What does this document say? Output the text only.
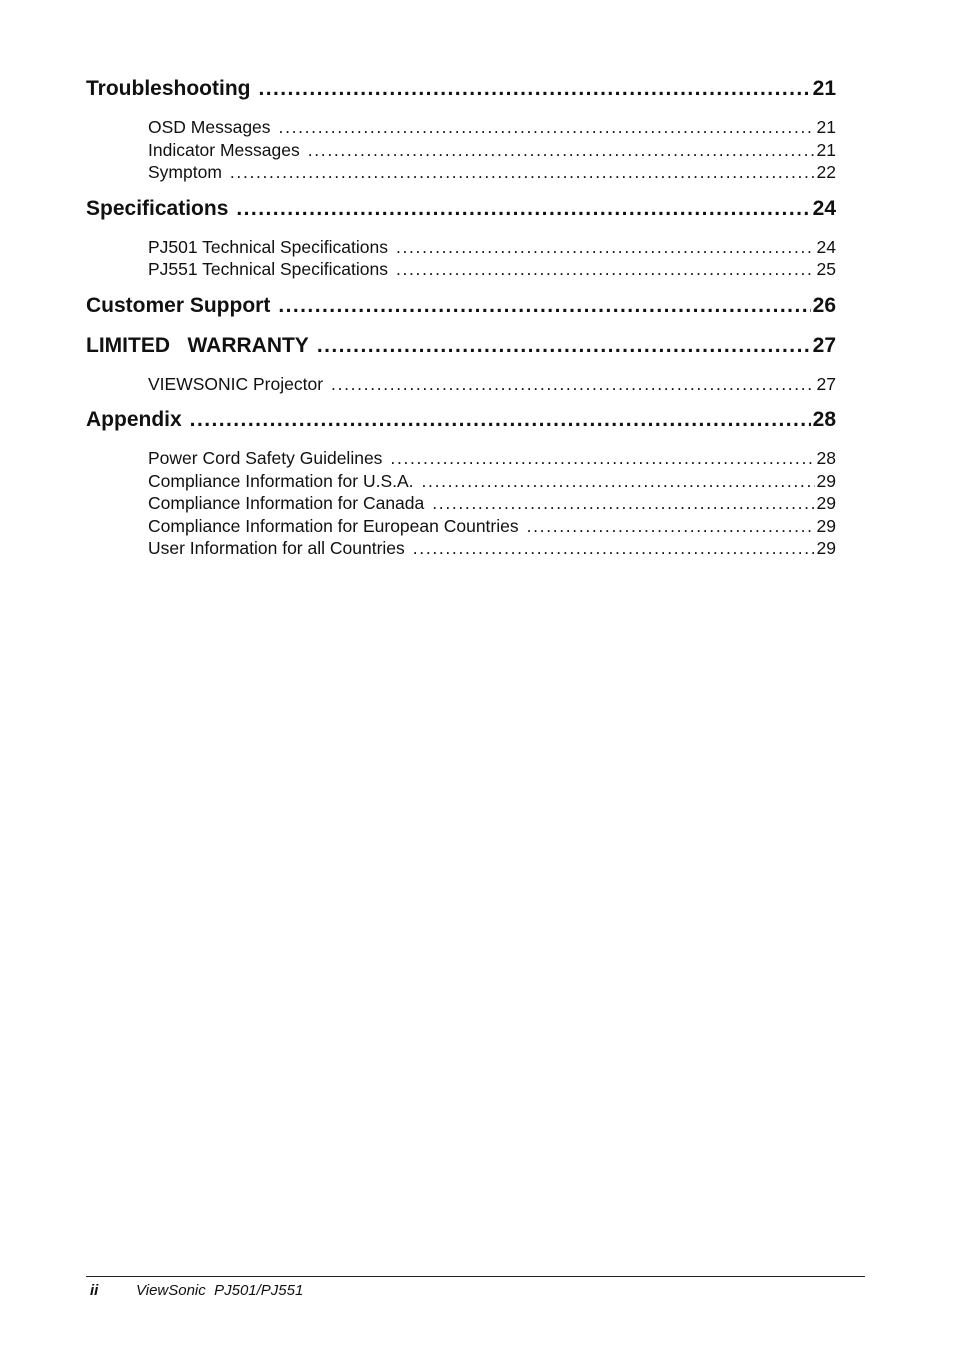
Troubleshooting . . .	21
OSD Messages . . .	21
Indicator Messages . . .	21
Symptom . . .	22
Specifications . . .	24
PJ501 Technical Specifications . . .	24
PJ551 Technical Specifications . . .	25
Customer Support . . .	26
LIMITED   WARRANTY . . .	27
VIEWSONIC Projector . . .	27
Appendix . . .	28
Power Cord Safety Guidelines . . .	28
Compliance Information for U.S.A. . . .	29
Compliance Information for Canada . . .	29
Compliance Information for European Countries . . .	29
User Information for all Countries . . .	29
ii	ViewSonic  PJ501/PJ551
